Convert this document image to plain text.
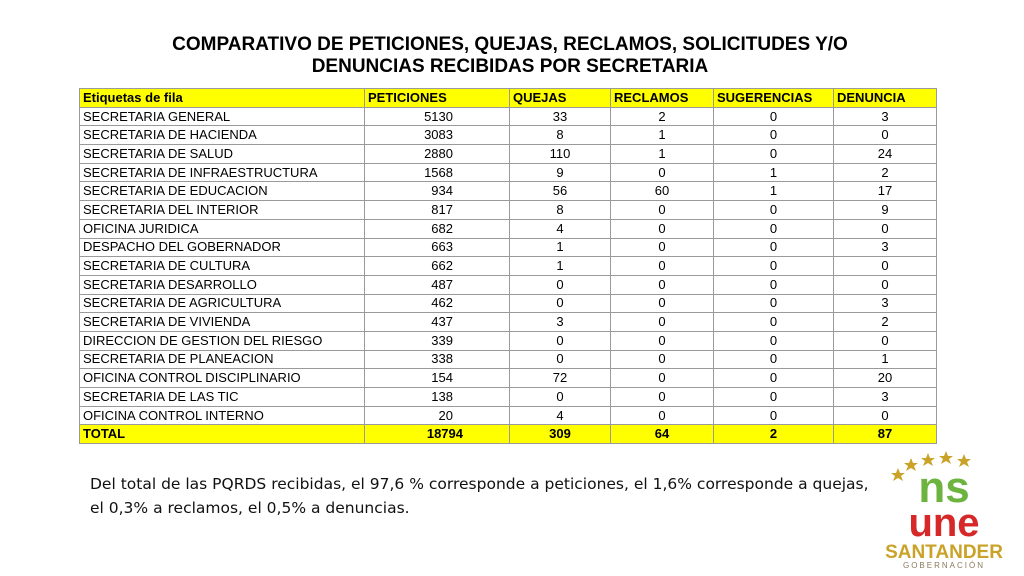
COMPARATIVO DE PETICIONES, QUEJAS, RECLAMOS, SOLICITUDES Y/O
DENUNCIAS RECIBIDAS POR SECRETARIA
Etiquetas de fila	PETICIONES	QUEJAS	RECLAMOS	SUGERENCIAS	DENUNCIA
SECRETARIA GENERAL	5130	33	2	0	3
SECRETARIA DE HACIENDA	3083	8	1	0	0
SECRETARIA DE SALUD	2880	110	1	0	24
SECRETARIA DE INFRAESTRUCTURA	1568	9	0	1	2
SECRETARIA DE EDUCACION	934	56	60	1	17
SECRETARIA DEL INTERIOR	817	8	0	0	9
OFICINA JURIDICA	682	4	0	0	0
DESPACHO DEL GOBERNADOR	663	1	0	0	3
SECRETARIA DE CULTURA	662	1	0	0	0
SECRETARIA DESARROLLO	487	0	0	0	0
SECRETARIA DE AGRICULTURA	462	0	0	0	3
SECRETARIA DE VIVIENDA	437	3	0	0	2
DIRECCION DE GESTION DEL RIESGO	339	0	0	0	0
SECRETARIA DE PLANEACION	338	0	0	0	1
OFICINA CONTROL DISCIPLINARIO	154	72	0	0	20
SECRETARIA DE LAS TIC	138	0	0	0	3
OFICINA CONTROL INTERNO	20	4	0	0	0
TOTAL	18794	309	64	2	87
Del total de las PQRDS recibidas, el 97,6 % corresponde a peticiones, el 1,6% corresponde a quejas,
el 0,3% a reclamos, el 0,5% a denuncias.	ns
une
SANTANDER
GOBERNACIÓN
